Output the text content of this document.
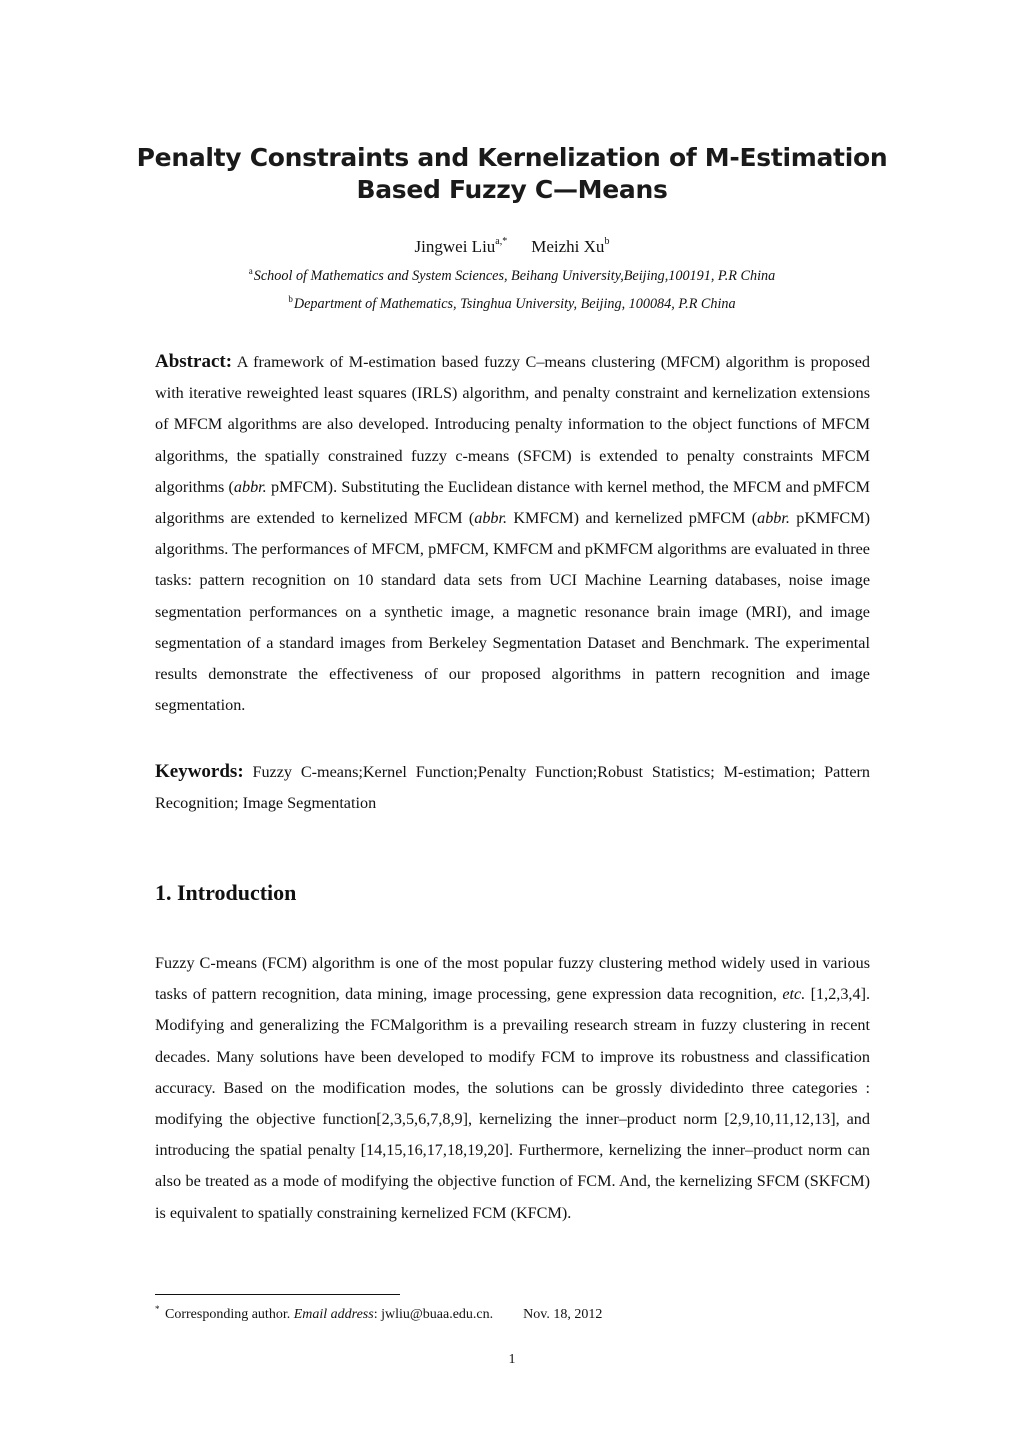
Penalty Constraints and Kernelization of M-Estimation
Based Fuzzy C—Means
Jingwei Liu$^{a,*}$ Meizhi Xu$^b$
$^a$School of Mathematics and System Sciences, Beihang University,Beijing,100191, P.R China
$^b$Department of Mathematics, Tsinghua University, Beijing, 100084, P.R China

Abstract: A framework of M-estimation based fuzzy C–means clustering (MFCM) algorithm is proposed with iterative reweighted least squares (IRLS) algorithm, and penalty constraint and kernelization extensions of MFCM algorithms are also developed. Introducing penalty information to the object functions of MFCM algorithms, the spatially constrained fuzzy c-means (SFCM) is extended to penalty constraints MFCM algorithms (abbr. pMFCM). Substituting the Euclidean distance with kernel method, the MFCM and pMFCM algorithms are extended to kernelized MFCM (abbr. KMFCM) and kernelized pMFCM (abbr. pKMFCM) algorithms. The performances of MFCM, pMFCM, KMFCM and pKMFCM algorithms are evaluated in three tasks: pattern recognition on 10 standard data sets from UCI Machine Learning databases, noise image segmentation performances on a synthetic image, a magnetic resonance brain image (MRI), and image segmentation of a standard images from Berkeley Segmentation Dataset and Benchmark. The experimental results demonstrate the effectiveness of our proposed algorithms in pattern recognition and image segmentation.

Keywords: Fuzzy C-means;Kernel Function;Penalty Function;Robust Statistics; M-estimation; Pattern Recognition; Image Segmentation

1. Introduction

Fuzzy C-means (FCM) algorithm is one of the most popular fuzzy clustering method widely used in various tasks of pattern recognition, data mining, image processing, gene expression data recognition, etc. [1,2,3,4]. Modifying and generalizing the FCMalgorithm is a prevailing research stream in fuzzy clustering in recent decades. Many solutions have been developed to modify FCM to improve its robustness and classification accuracy. Based on the modification modes, the solutions can be grossly dividedinto three categories : modifying the objective function[2,3,5,6,7,8,9], kernelizing the inner–product norm [2,9,10,11,12,13], and introducing the spatial penalty [14,15,16,17,18,19,20]. Furthermore, kernelizing the inner–product norm can also be treated as a mode of modifying the objective function of FCM. And, the kernelizing SFCM (SKFCM) is equivalent to spatially constraining kernelized FCM (KFCM).

* Corresponding author. Email address: jwliu@buaa.edu.cn. Nov. 18, 2012
1
